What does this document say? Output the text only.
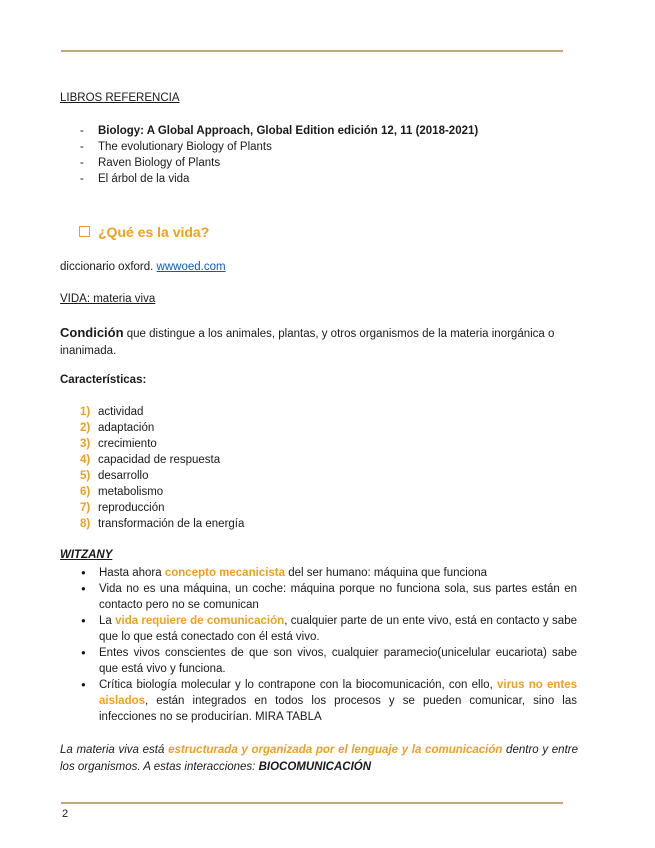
LIBROS REFERENCIA
- Biology: A Global Approach, Global Edition edición 12, 11 (2018-2021)
- The evolutionary Biology of Plants
- Raven Biology of Plants
- El árbol de la vida
¿Qué es la vida?
diccionario oxford. wwwoed.com
VIDA: materia viva
Condición que distingue a los animales, plantas, y otros organismos de la materia inorgánica o inanimada.
Características:
1) actividad
2) adaptación
3) crecimiento
4) capacidad de respuesta
5) desarrollo
6) metabolismo
7) reproducción
8) transformación de la energía
WITZANY
● Hasta ahora concepto mecanicista del ser humano: máquina que funciona
● Vida no es una máquina, un coche: máquina porque no funciona sola, sus partes están en contacto pero no se comunican
● La vida requiere de comunicación, cualquier parte de un ente vivo, está en contacto y sabe que lo que está conectado con él está vivo.
● Entes vivos conscientes de que son vivos, cualquier paramecio(unicelular eucariota) sabe que está vivo y funciona.
● Crítica biología molecular y lo contrapone con la biocomunicación, con ello, virus no entes aislados, están integrados en todos los procesos y se pueden comunicar, sino las infecciones no se producirían. MIRA TABLA
La materia viva está estructurada y organizada por el lenguaje y la comunicación dentro y entre los organismos. A estas interacciones: BIOCOMUNICACIÓN
2
